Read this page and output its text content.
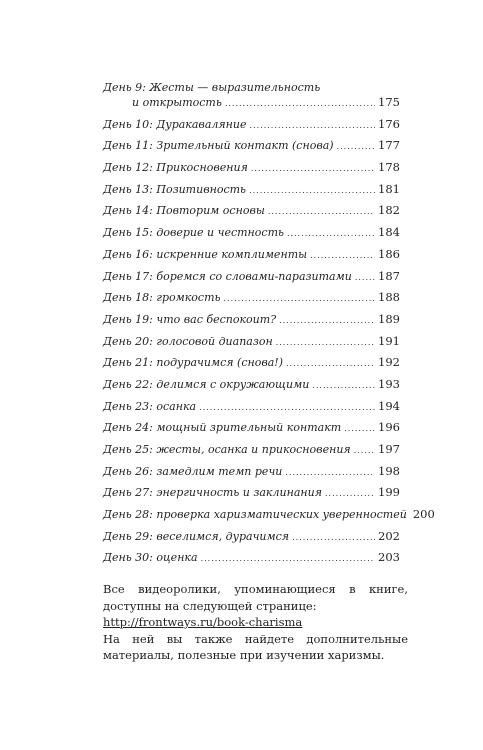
День 9: Жесты — выразительность
и открытость .....	175
День 10: Дуракаваляние .....	176
День 11: Зрительный контакт (снова) .....	177
День 12: Прикосновения .....	178
День 13: Позитивность .....	181
День 14: Повторим основы .....	182
День 15: доверие и честность .....	184
День 16: искренние комплименты .....	186
День 17: боремся со словами-паразитами ..... 187
День 18: громкость .....	188
День 19: что вас беспокоит? .....	189
День 20: голосовой диапазон .....	191
День 21: подурачимся (снова!) .....	192
День 22: делимся с окружающими .....	193
День 23: осанка .....	194
День 24: мощный зрительный контакт .....	196
День 25: жесты, осанка и прикосновения ..... 197
День 26: замедлим темп речи .....	198
День 27: энергичность и заклинания .....	199
День 28: проверка харизматических уверенностей 200
День 29: веселимся, дурачимся .....	202
День 30: оценка .....	203

Все видеоролики, упоминающиеся в книге, доступны на следующей странице:

http://frontways.ru/book-charisma

На ней вы также найдете дополнительные материалы, полезные при изучении харизмы.
